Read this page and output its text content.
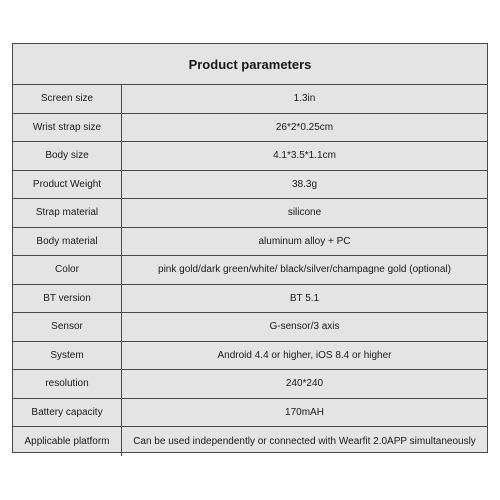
Product parameters
Screen size	1.3in
Wrist strap size	26*2*0.25cm
Body size	4.1*3.5*1.1cm
Product Weight	38.3g
Strap material	silicone
Body material	aluminum alloy + PC
Color	pink gold/dark green/white/ black/silver/champagne gold (optional)
BT version	BT 5.1
Sensor	G-sensor/3 axis
System	Android 4.4 or higher, iOS 8.4 or higher
resolution	240*240
Battery capacity	170mAH
Applicable platform	Can be used independently or connected with Wearfit 2.0APP simultaneously
